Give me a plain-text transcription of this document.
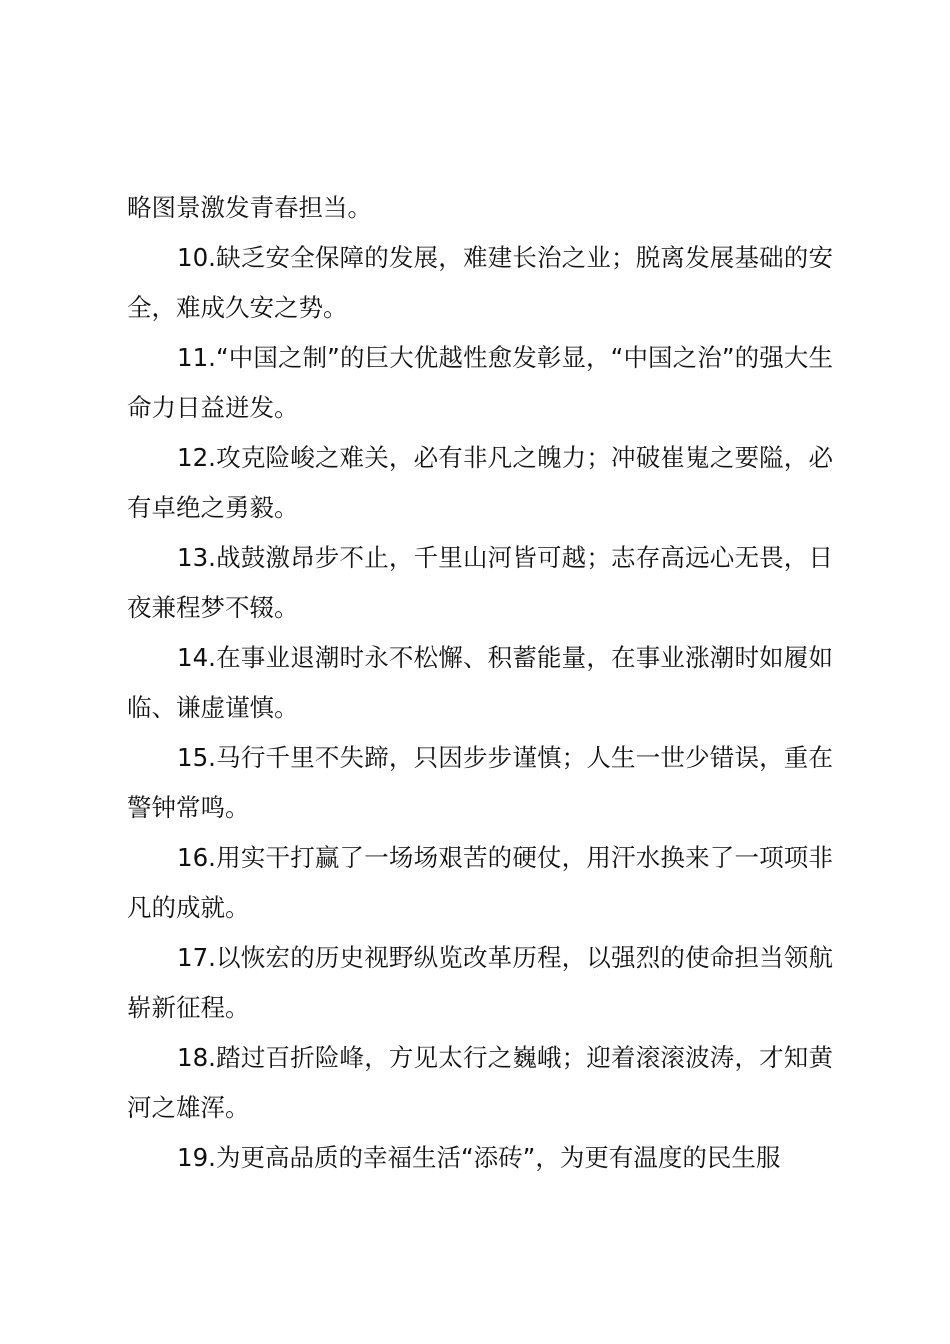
略图景激发青春担当。

10.缺乏安全保障的发展，难建长治之业；脱离发展基础的安全，难成久安之势。

11.“中国之制”的巨大优越性愈发彰显，“中国之治”的强大生命力日益迸发。

12.攻克险峻之难关，必有非凡之魄力；冲破崔嵬之要隘，必有卓绝之勇毅。

13.战鼓激昂步不止，千里山河皆可越；志存高远心无畏，日夜兼程梦不辍。

14.在事业退潮时永不松懈、积蓄能量，在事业涨潮时如履如临、谦虚谨慎。

15.马行千里不失蹄，只因步步谨慎；人生一世少错误，重在警钟常鸣。

16.用实干打赢了一场场艰苦的硬仗，用汗水换来了一项项非凡的成就。

17.以恢宏的历史视野纵览改革历程，以强烈的使命担当领航崭新征程。

18.踏过百折险峰，方见太行之巍峨；迎着滚滚波涛，才知黄河之雄浑。

19.为更高品质的幸福生活“添砖”，为更有温度的民生服
